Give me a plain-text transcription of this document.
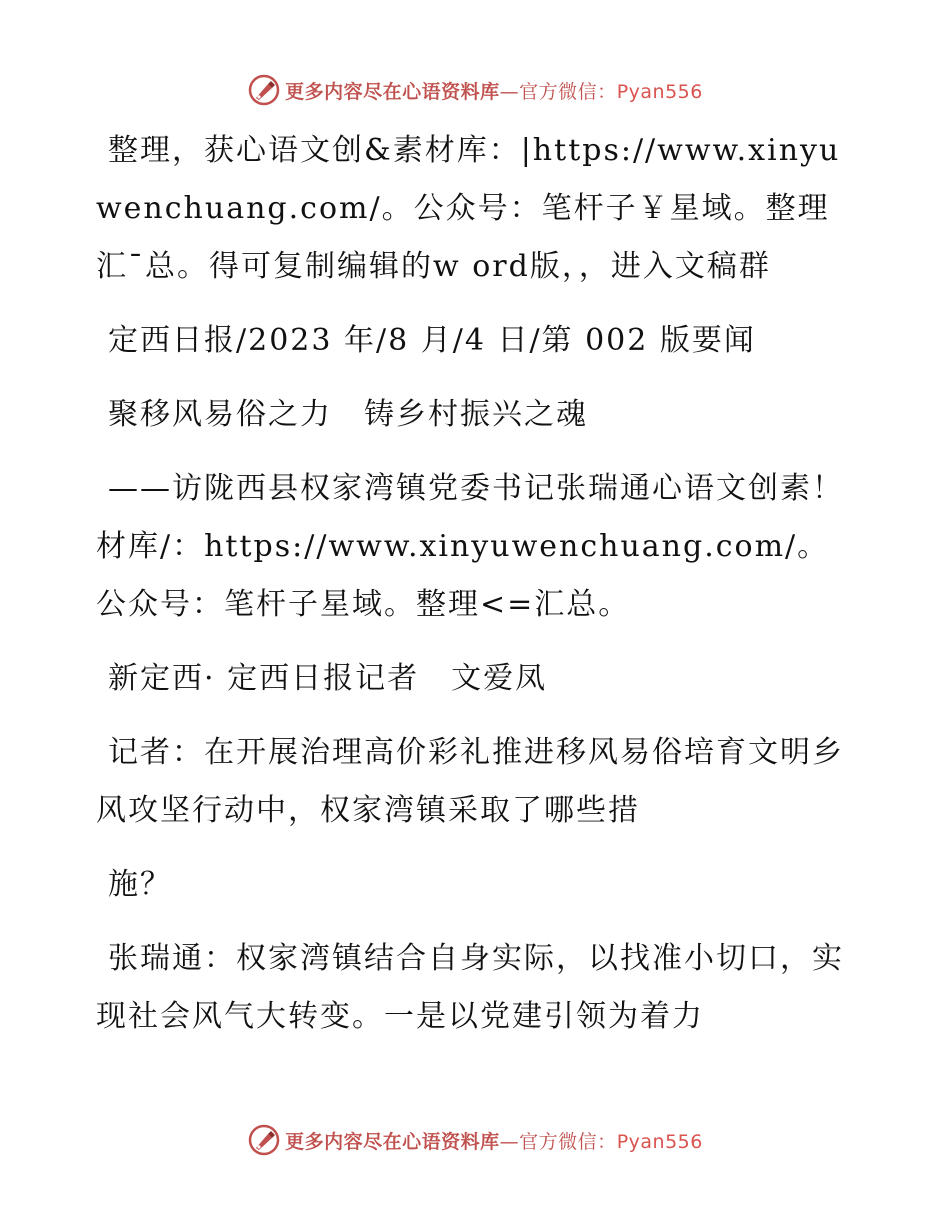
更多内容尽在心语资料库—官方微信：Pyan556

整理，获心语文创&素材库：|https://www.xinyuwenchuang.com/。公众号：笔杆子￥星域。整理汇¯总。得可复制编辑的w ord版，，进入文稿群

定西日报/2023 年/8 月/4 日/第 002 版要闻

聚移风易俗之力　铸乡村振兴之魂

——访陇西县权家湾镇党委书记张瑞通心语文创素！材库/：https://www.xinyuwenchuang.com/。公众号：笔杆子星域。整理<=汇总。

新定西· 定西日报记者　文爱凤

记者：在开展治理高价彩礼推进移风易俗培育文明乡风攻坚行动中，权家湾镇采取了哪些措

施？

张瑞通：权家湾镇结合自身实际，以找准小切口，实现社会风气大转变。一是以党建引领为着力

更多内容尽在心语资料库—官方微信：Pyan556
